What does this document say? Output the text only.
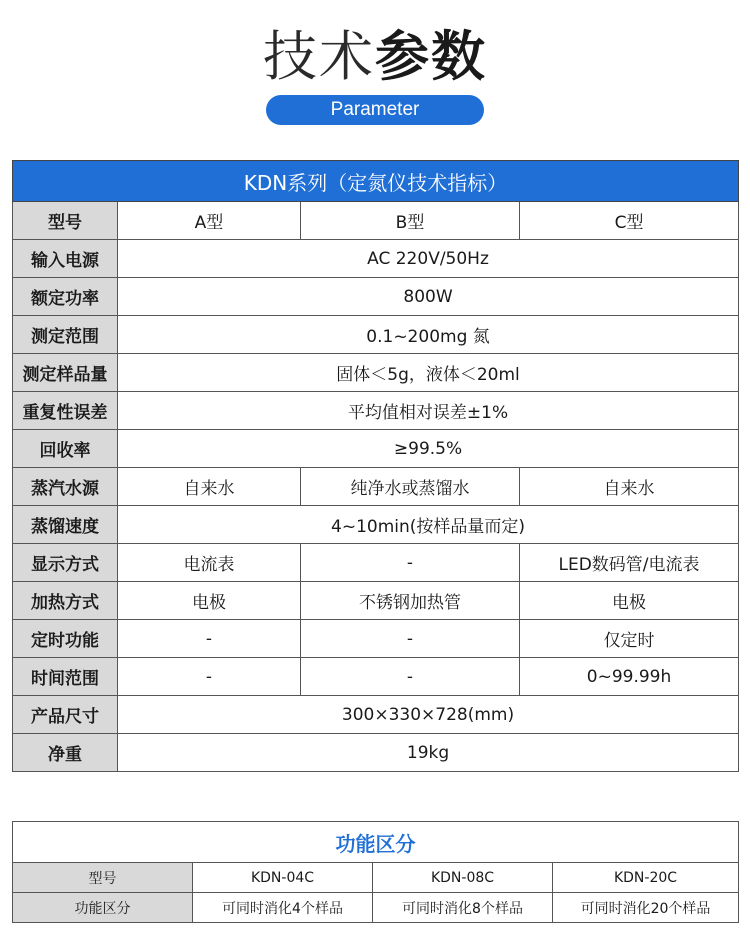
技术参数
Parameter
KDN系列（定氮仪技术指标）			
型号	A型	B型	C型
输入电源	AC 220V/50Hz		
额定功率	800W		
测定范围	0.1~200mg 氮		
测定样品量	固体＜5g，液体＜20ml		
重复性误差	平均值相对误差±1%		
回收率	≥99.5%		
蒸汽水源	自来水	纯净水或蒸馏水	自来水
蒸馏速度	4~10min(按样品量而定)		
显示方式	电流表	-	LED数码管/电流表
加热方式	电极	不锈钢加热管	电极
定时功能	-	-	仅定时
时间范围	-	-	0~99.99h
产品尺寸	300×330×728(mm)		
净重	19kg		
功能区分			
型号	KDN-04C	KDN-08C	KDN-20C
功能区分	可同时消化4个样品	可同时消化8个样品	可同时消化20个样品
